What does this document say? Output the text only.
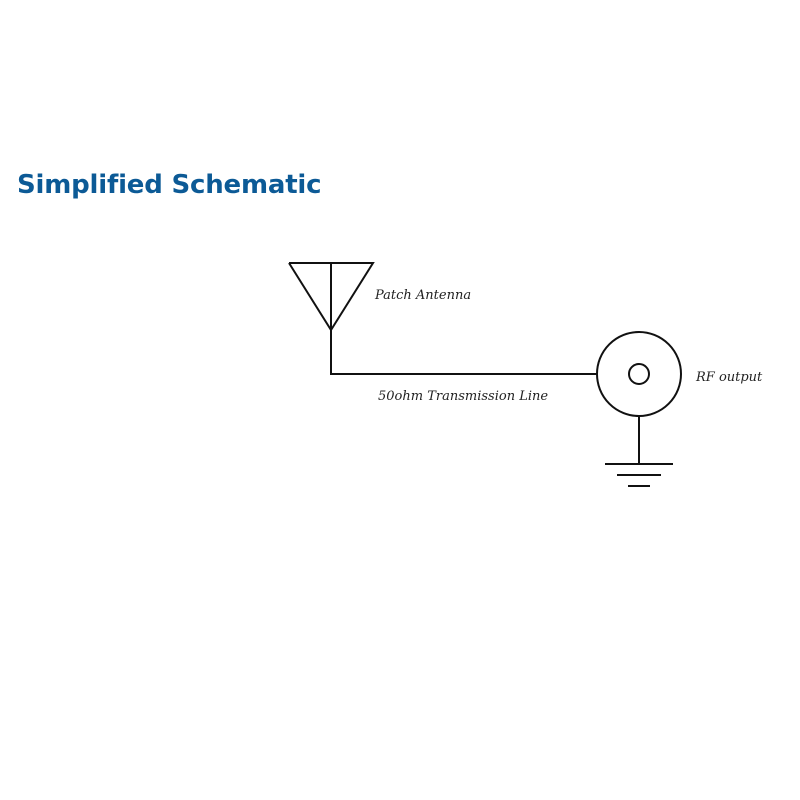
Simplified Schematic
Patch Antenna
50ohm Transmission Line
RF output
